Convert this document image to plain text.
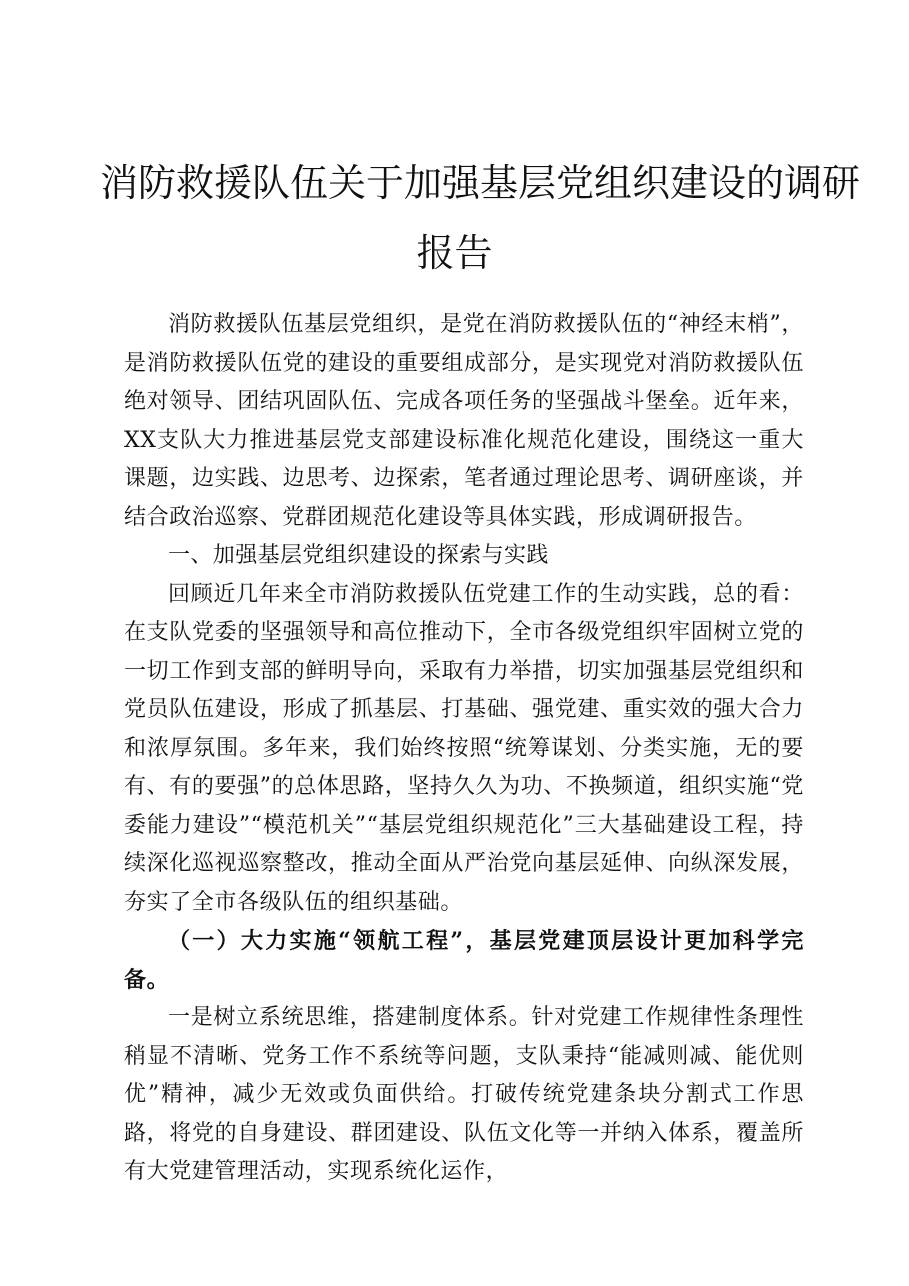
消防救援队伍关于加强基层党组织建设的调研
报告

消防救援队伍基层党组织，是党在消防救援队伍的“神经末梢”，是消防救援队伍党的建设的重要组成部分，是实现党对消防救援队伍绝对领导、团结巩固队伍、完成各项任务的坚强战斗堡垒。近年来，XX支队大力推进基层党支部建设标准化规范化建设，围绕这一重大课题，边实践、边思考、边探索，笔者通过理论思考、调研座谈，并结合政治巡察、党群团规范化建设等具体实践，形成调研报告。

一、加强基层党组织建设的探索与实践

回顾近几年来全市消防救援队伍党建工作的生动实践，总的看：在支队党委的坚强领导和高位推动下，全市各级党组织牢固树立党的一切工作到支部的鲜明导向，采取有力举措，切实加强基层党组织和党员队伍建设，形成了抓基层、打基础、强党建、重实效的强大合力和浓厚氛围。多年来，我们始终按照“统筹谋划、分类实施，无的要有、有的要强”的总体思路，坚持久久为功、不换频道，组织实施“党委能力建设”“模范机关”“基层党组织规范化”三大基础建设工程，持续深化巡视巡察整改，推动全面从严治党向基层延伸、向纵深发展，夯实了全市各级队伍的组织基础。

（一）大力实施“领航工程”，基层党建顶层设计更加科学完备。

一是树立系统思维，搭建制度体系。针对党建工作规律性条理性稍显不清晰、党务工作不系统等问题，支队秉持“能减则减、能优则优”精神，减少无效或负面供给。打破传统党建条块分割式工作思路，将党的自身建设、群团建设、队伍文化等一并纳入体系，覆盖所有大党建管理活动，实现系统化运作，
